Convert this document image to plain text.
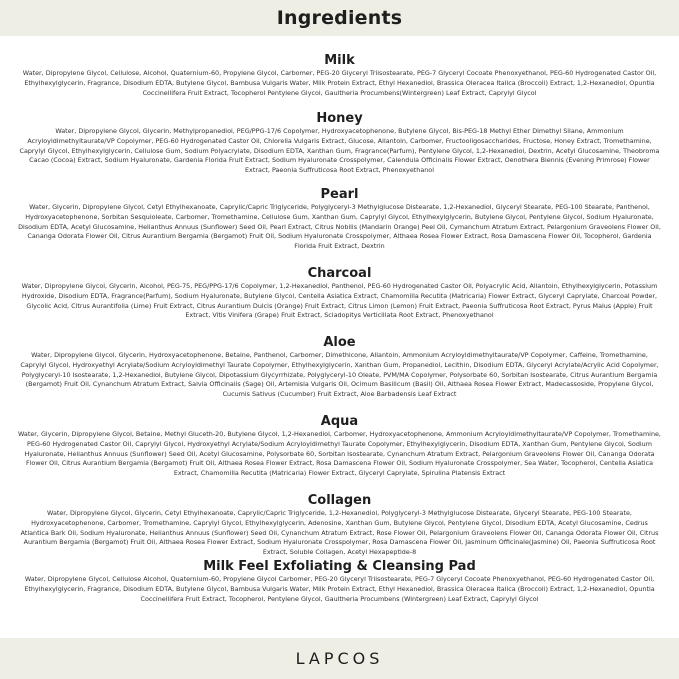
Ingredients
Milk

Water, Dipropylene Glycol, Cellulose, Alcohol, Quaternium-60, Propylene Glycol, Carbomer, PEG-20 Glyceryl Triisostearate, PEG-7 Glyceryl Cocoate Phenoxyethanol, PEG-60 Hydrogenated Castor Oil, Ethylhexylglycerin, Fragrance, Disodium EDTA, Butylene Glycol, Bambusa Vulgaris Water, Milk Protein Extract, Ethyl Hexanediol, Brassica Oleracea Italica (Broccoli) Extract, 1,2-Hexanediol, Opuntia Coccinellifera Fruit Extract, Tocopherol Pentylene Glycol, Gaultheria Procumbens(Wintergreen) Leaf Extract, Caprylyl Glycol

Honey

Water, Dipropylene Glycol, Glycerin, Methylpropanediol, PEG/PPG-17/6 Copolymer, Hydroxyacetophenone, Butylene Glycol, Bis-PEG-18 Methyl Ether Dimethyl Silane, Ammonium Acryloyldimethyltaurate/VP Copolymer, PEG-60 Hydrogenated Castor Oil, Chlorella Vulgaris Extract, Glucose, Allantoin, Carbomer, Fructooligosaccharides, Fructose, Honey Extract, Tromethamine, Caprylyl Glycol, Ethylhexylglycerin, Cellulose Gum, Sodium Polyacrylate, Disodium EDTA, Xanthan Gum, Fragrance(Parfum), Pentylene Glycol, 1,2-Hexanediol, Dextrin, Acetyl Glucosamine, Theobroma Cacao (Cocoa) Extract, Sodium Hyaluronate, Gardenia Florida Fruit Extract, Sodium Hyaluronate Crosspolymer, Calendula Officinalis Flower Extract, Oenothera Biennis (Evening Primrose) Flower Extract, Paeonia Suffruticosa Root Extract, Phenoxyethanol

Pearl

Water, Glycerin, Dipropylene Glycol, Cetyl Ethylhexanoate, Caprylic/Capric Triglyceride, Polyglyceryl-3 Methylglucose Distearate, 1,2-Hexanediol, Glyceryl Stearate, PEG-100 Stearate, Panthenol, Hydroxyacetophenone, Sorbitan Sesquioleate, Carbomer, Tromethamine, Cellulose Gum, Xanthan Gum, Caprylyl Glycol, Ethylhexylglycerin, Butylene Glycol, Pentylene Glycol, Sodium Hyaluronate, Disodium EDTA, Acetyl Glucosamine, Helianthus Annuus (Sunflower) Seed Oil, Pearl Extract, Citrus Nobilis (Mandarin Orange) Peel Oil, Cymanchum Atratum Extract, Pelargonium Graveolens Flower Oil, Cananga Odorata Flower Oil, Citrus Aurantium Bergamia (Bergamot) Fruit Oil, Sodium Hyaluronate Crosspolymer, Althaea Rosea Flower Extract, Rosa Damascena Flower Oil, Tocopherol, Gardenia Florida Fruit Extract, Dextrin

Charcoal

Water, Dipropylene Glycol, Glycerin, Alcohol, PEG-75, PEG/PPG-17/6 Copolymer, 1,2-Hexanediol, Panthenol, PEG-60 Hydrogenated Castor Oil, Polyacrylic Acid, Allantoin, Ethylhexylglycerin, Potassium Hydroxide, Disodium EDTA, Fragrance(Parfum), Sodium Hyaluronate, Butylene Glycol, Centella Asiatica Extract, Chamomilla Recutita (Matricaria) Flower Extract, Glyceryl Caprylate, Charcoal Powder, Glycolic Acid, Citrus Aurantifolia (Lime) Fruit Extract, Citrus Aurantium Dulcis (Orange) Fruit Extract, Citrus Limon (Lemon) Fruit Extract, Paeonia Suffruticosa Root Extract, Pyrus Malus (Apple) Fruit Extract, Vitis Vinifera (Grape) Fruit Extract, Sciadopitys Verticillata Root Extract, Phenoxyethanol

Aloe

Water, Dipropylene Glycol, Glycerin, Hydroxyacetophenone, Betaine, Panthenol, Carbomer, Dimethicone, Allantoin, Ammonium Acryloyldimethyltaurate/VP Copolymer, Caffeine, Tromethamine, Caprylyl Glycol, Hydroxyethyl Acrylate/Sodium Acryloyldimethyl Taurate Copolymer, Ethylhexylglycerin, Xanthan Gum, Propanediol, Lecithin, Disodium EDTA, Glyceryl Acrylate/Acrylic Acid Copolymer, Polyglyceryl-10 Isostearate, 1,2-Hexanediol, Butylene Glycol, Dipotassium Glycyrrhizate, Polyglyceryl-10 Oleate, PVM/MA Copolymer, Polysorbate 60, Sorbitan Isostearate, Citrus Aurantium Bergamia (Bergamot) Fruit Oil, Cynanchum Atratum Extract, Salvia Officinalis (Sage) Oil, Artemisia Vulgaris Oil, Ocimum Basilicum (Basil) Oil, Althaea Rosea Flower Extract, Madecassoside, Propylene Glycol, Cucumis Sativus (Cucumber) Fruit Extract, Aloe Barbadensis Leaf Extract

Aqua

Water, Glycerin, Dipropylene Glycol, Betaine, Methyl Gluceth-20, Butylene Glycol, 1,2-Hexanediol, Carbomer, Hydroxyacetophenone, Ammonium Acryloyldimethyltaurate/VP Copolymer, Tromethamine, PEG-60 Hydrogenated Castor Oil, Caprylyl Glycol, Hydroxyethyl Acrylate/Sodium Acryloyldimethyl Taurate Copolymer, Ethylhexylglycerin, Disodium EDTA, Xanthan Gum, Pentylene Glycol, Sodium Hyaluronate, Helianthus Annuus (Sunflower) Seed Oil, Acetyl Glucosamine, Polysorbate 60, Sorbitan Isostearate, Cynanchum Atratum Extract, Pelargonium Graveolens Flower Oil, Cananga Odorata Flower Oil, Citrus Aurantium Bergamia (Bergamot) Fruit Oil, Althaea Rosea Flower Extract, Rosa Damascena Flower Oil, Sodium Hyaluronate Crosspolymer, Sea Water, Tocopherol, Centella Asiatica Extract, Chamomilla Recutita (Matricaria) Flower Extract, Glyceryl Caprylate, Spirulina Platensis Extract

Collagen

Water, Dipropylene Glycol, Glycerin, Cetyl Ethylhexanoate, Caprylic/Capric Triglyceride, 1,2-Hexanediol, Polyglyceryl-3 Methylglucose Distearate, Glyceryl Stearate, PEG-100 Stearate, Hydroxyacetophenone, Carbomer, Tromethamine, Caprylyl Glycol, Ethylhexylglycerin, Adenosine, Xanthan Gum, Butylene Glycol, Pentylene Glycol, Disodium EDTA, Acetyl Glucosamine, Cedrus Atlantica Bark Oil, Sodium Hyaluronate, Helianthus Annuus (Sunflower) Seed Oil, Cynanchum Atratum Extract, Rose Flower Oil, Pelargonium Graveolens Flower Oil, Cananga Odorata Flower Oil, Citrus Aurantium Bergamia (Bergamot) Fruit Oil, Althaea Rosea Flower Extract, Sodium Hyaluronate Crosspolymer, Rosa Damascena Flower Oil, Jasminum Officinale(Jasmine) Oil, Paeonia Suffruticosa Root Extract, Soluble Collagen, Acetyl Hexapeptide-8

Milk Feel Exfoliating & Cleansing Pad

Water, Dipropylene Glycol, Cellulose Alcohol, Quaternium-60, Propylene Glycol Carbomer, PEG-20 Glyceryl Triisostearate, PEG-7 Glyceryl Cocoate Phenoxyethanol, PEG-60 Hydrogenated Castor Oil, Ethylhexylglycerin, Fragrance, Disodium EDTA, Butylene Glycol, Bambusa Vulgaris Water, Milk Protein Extract, Ethyl Hexanediol, Brassica Oleracea Italica (Broccoli) Extract, 1,2-Hexanediol, Opuntia Coccinellifera Fruit Extract, Tocopherol, Pentylene Glycol, Gaultheria Procumbens (Wintergreen) Leaf Extract, Caprylyl Glycol

LAPCOS
